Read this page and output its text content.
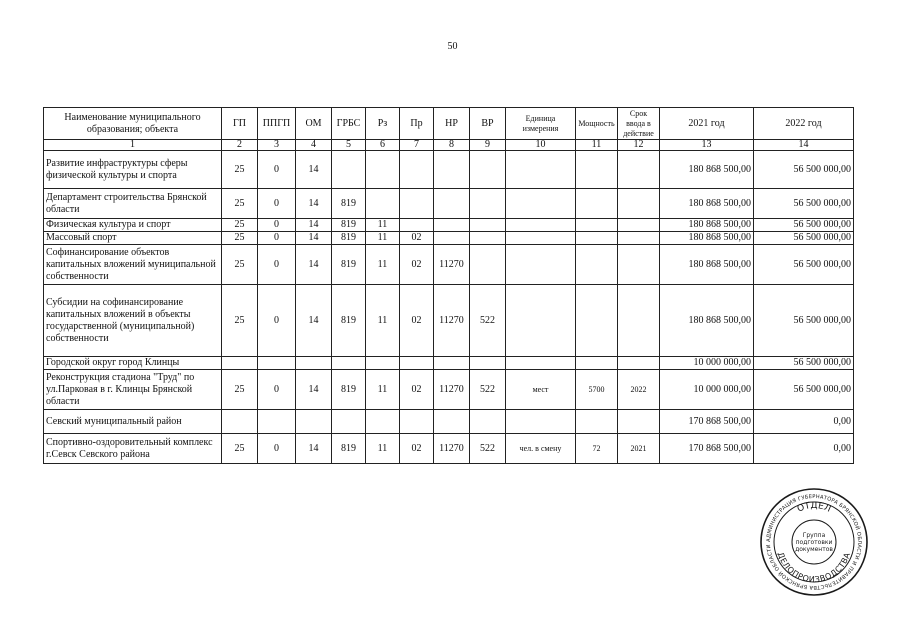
50
Наименование муниципального образования; объекта	ГП	ППГП	ОМ	ГРБС	Рз	Пр	НР	ВР	Единица измерения	Мощность	Срок ввода в действие	2021 год	2022 год
1	2	3	4	5	6	7	8	9	10	11	12	13	14
Развитие инфраструктуры сферы физической культуры и спорта	25	0	14									180 868 500,00	56 500 000,00
Департамент строительства Брянской области	25	0	14	819								180 868 500,00	56 500 000,00
Физическая культура и спорт	25	0	14	819	11							180 868 500,00	56 500 000,00
Массовый спорт	25	0	14	819	11	02						180 868 500,00	56 500 000,00
Софинансирование объектов капитальных вложений муниципальной собственности	25	0	14	819	11	02	11270					180 868 500,00	56 500 000,00
Субсидии на софинансирование капитальных вложений в объекты государственной (муниципальной) собственности	25	0	14	819	11	02	11270	522				180 868 500,00	56 500 000,00
Городской округ город Клинцы												10 000 000,00	56 500 000,00
Реконструкция стадиона "Труд" по ул.Парковая в г. Клинцы Брянской области	25	0	14	819	11	02	11270	522	мест	5700	2022	10 000 000,00	56 500 000,00
Севский муниципальный район												170 868 500,00	0,00
Спортивно-оздоровительный комплекс г.Севск Севского района	25	0	14	819	11	02	11270	522	чел. в смену	72	2021	170 868 500,00	0,00
АДМИНИСТРАЦИЯ ГУБЕРНАТОРА БРЯНСКОЙ ОБЛАСТИ И ПРАВИТЕЛЬСТВА БРЯНСКОЙ ОБЛАСТИ
ОТДЕЛ
ДЕЛОПРОИЗВОДСТВА
Группа
подготовки
документов
